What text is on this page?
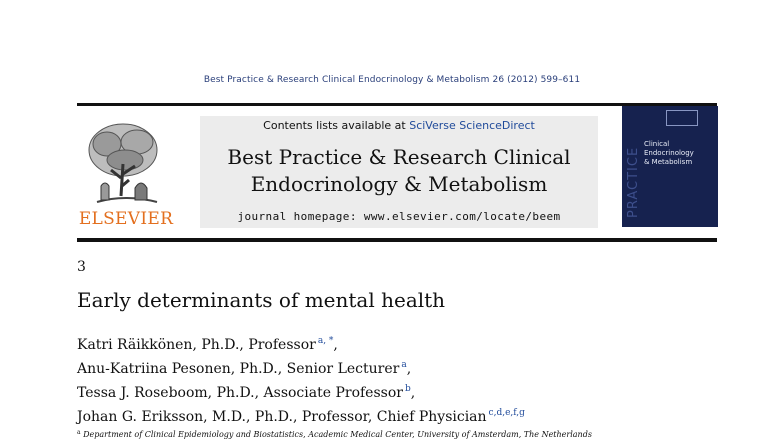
Best Practice & Research Clinical Endocrinology & Metabolism 26 (2012) 599–611
ELSEVIER
Contents lists available at SciVerse ScienceDirect
Best Practice & Research Clinical
Endocrinology & Metabolism
journal homepage: www.elsevier.com/locate/beem	PRACTICE
Clinical
Endocrinology
& Metabolism
3
Early determinants of mental health
Katri Räikkönen, Ph.D., Professor $^{a, *}$,
Anu-Katriina Pesonen, Ph.D., Senior Lecturer $^a$,
Tessa J. Roseboom, Ph.D., Associate Professor $^b$,
Johan G. Eriksson, M.D., Ph.D., Professor, Chief Physician $^{c,d,e,f,g}$
$^a$ Department of Clinical Epidemiology and Biostatistics, Academic Medical Center, University of Amsterdam, The Netherlands
